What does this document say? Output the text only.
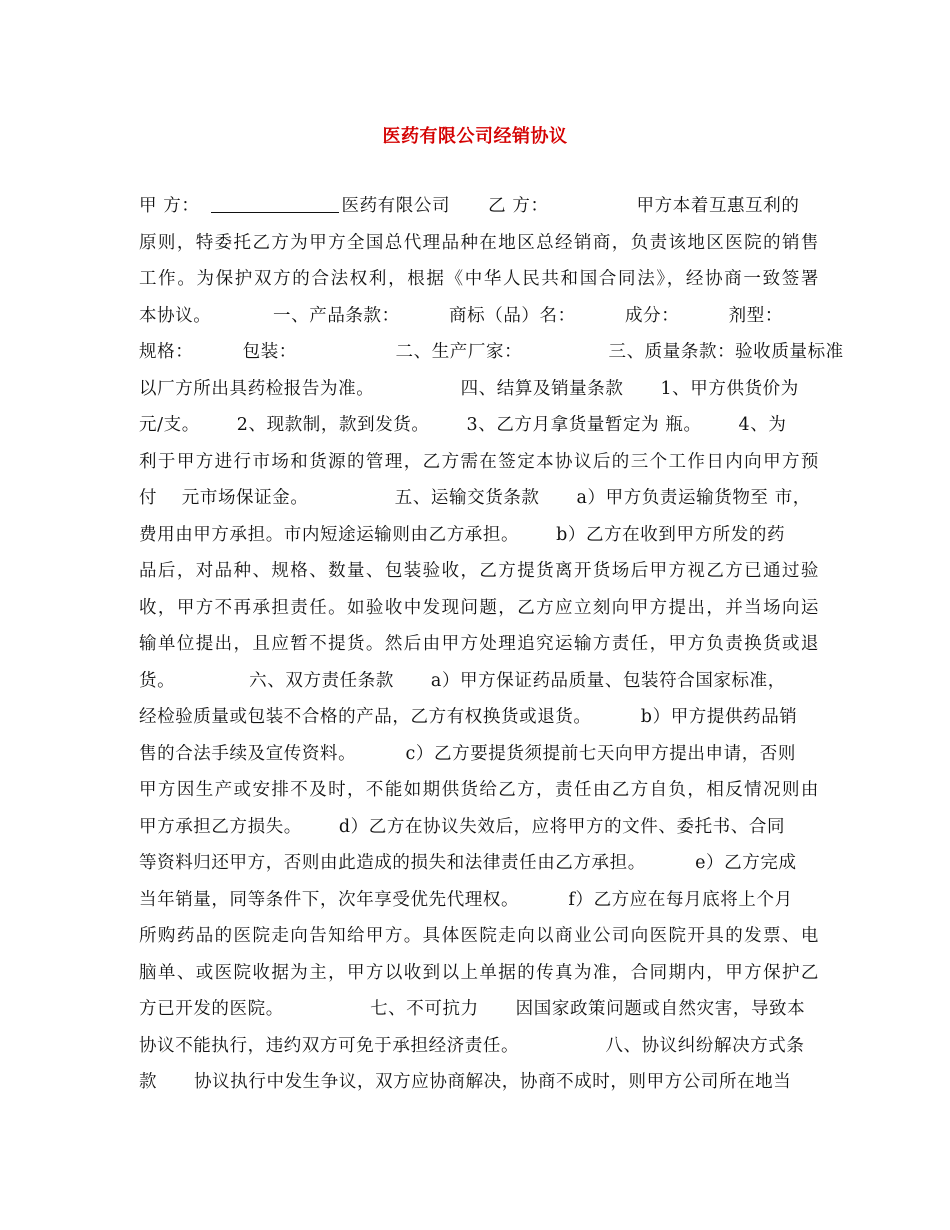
医药有限公司经销协议
甲 方：	医药有限公司 乙 方：	甲方本着互惠互利的
原则，特委托乙方为甲方全国总代理品种在地区总经销商，负责该地区医院的销售
工作。为保护双方的合法权利，根据《中华人民共和国合同法》，经协商一致签署
本协议。          一、产品条款：        商标（品）名：        成分：        剂型：
规格：        包装：                二、生产厂家：              三、质量条款：验收质量标准
以厂方所出具药检报告为准。              四、结算及销量条款      1、甲方供货价为
元/支。      2、现款制，款到发货。      3、乙方月拿货量暂定为 瓶。      4、为
利于甲方进行市场和货源的管理，乙方需在签定本协议后的三个工作日内向甲方预
付    元市场保证金。              五、运输交货条款      a）甲方负责运输货物至 市，
费用由甲方承担。市内短途运输则由乙方承担。      b）乙方在收到甲方所发的药
品后，对品种、规格、数量、包装验收，乙方提货离开货场后甲方视乙方已通过验
收，甲方不再承担责任。如验收中发现问题，乙方应立刻向甲方提出，并当场向运
输单位提出，且应暂不提货。然后由甲方处理追究运输方责任，甲方负责换货或退
货。            六、双方责任条款      a）甲方保证药品质量、包装符合国家标准，
经检验质量或包装不合格的产品，乙方有权换货或退货。        b）甲方提供药品销
售的合法手续及宣传资料。        c）乙方要提货须提前七天向甲方提出申请，否则
甲方因生产或安排不及时，不能如期供货给乙方，责任由乙方自负，相反情况则由
甲方承担乙方损失。      d）乙方在协议失效后，应将甲方的文件、委托书、合同
等资料归还甲方，否则由此造成的损失和法律责任由乙方承担。        e）乙方完成
当年销量，同等条件下，次年享受优先代理权。        f）乙方应在每月底将上个月
所购药品的医院走向告知给甲方。具体医院走向以商业公司向医院开具的发票、电
脑单、或医院收据为主，甲方以收到以上单据的传真为准，合同期内，甲方保护乙
方已开发的医院。              七、不可抗力      因国家政策问题或自然灾害，导致本
协议不能执行，违约双方可免于承担经济责任。              八、协议纠纷解决方式条
款      协议执行中发生争议，双方应协商解决，协商不成时，则甲方公司所在地当
